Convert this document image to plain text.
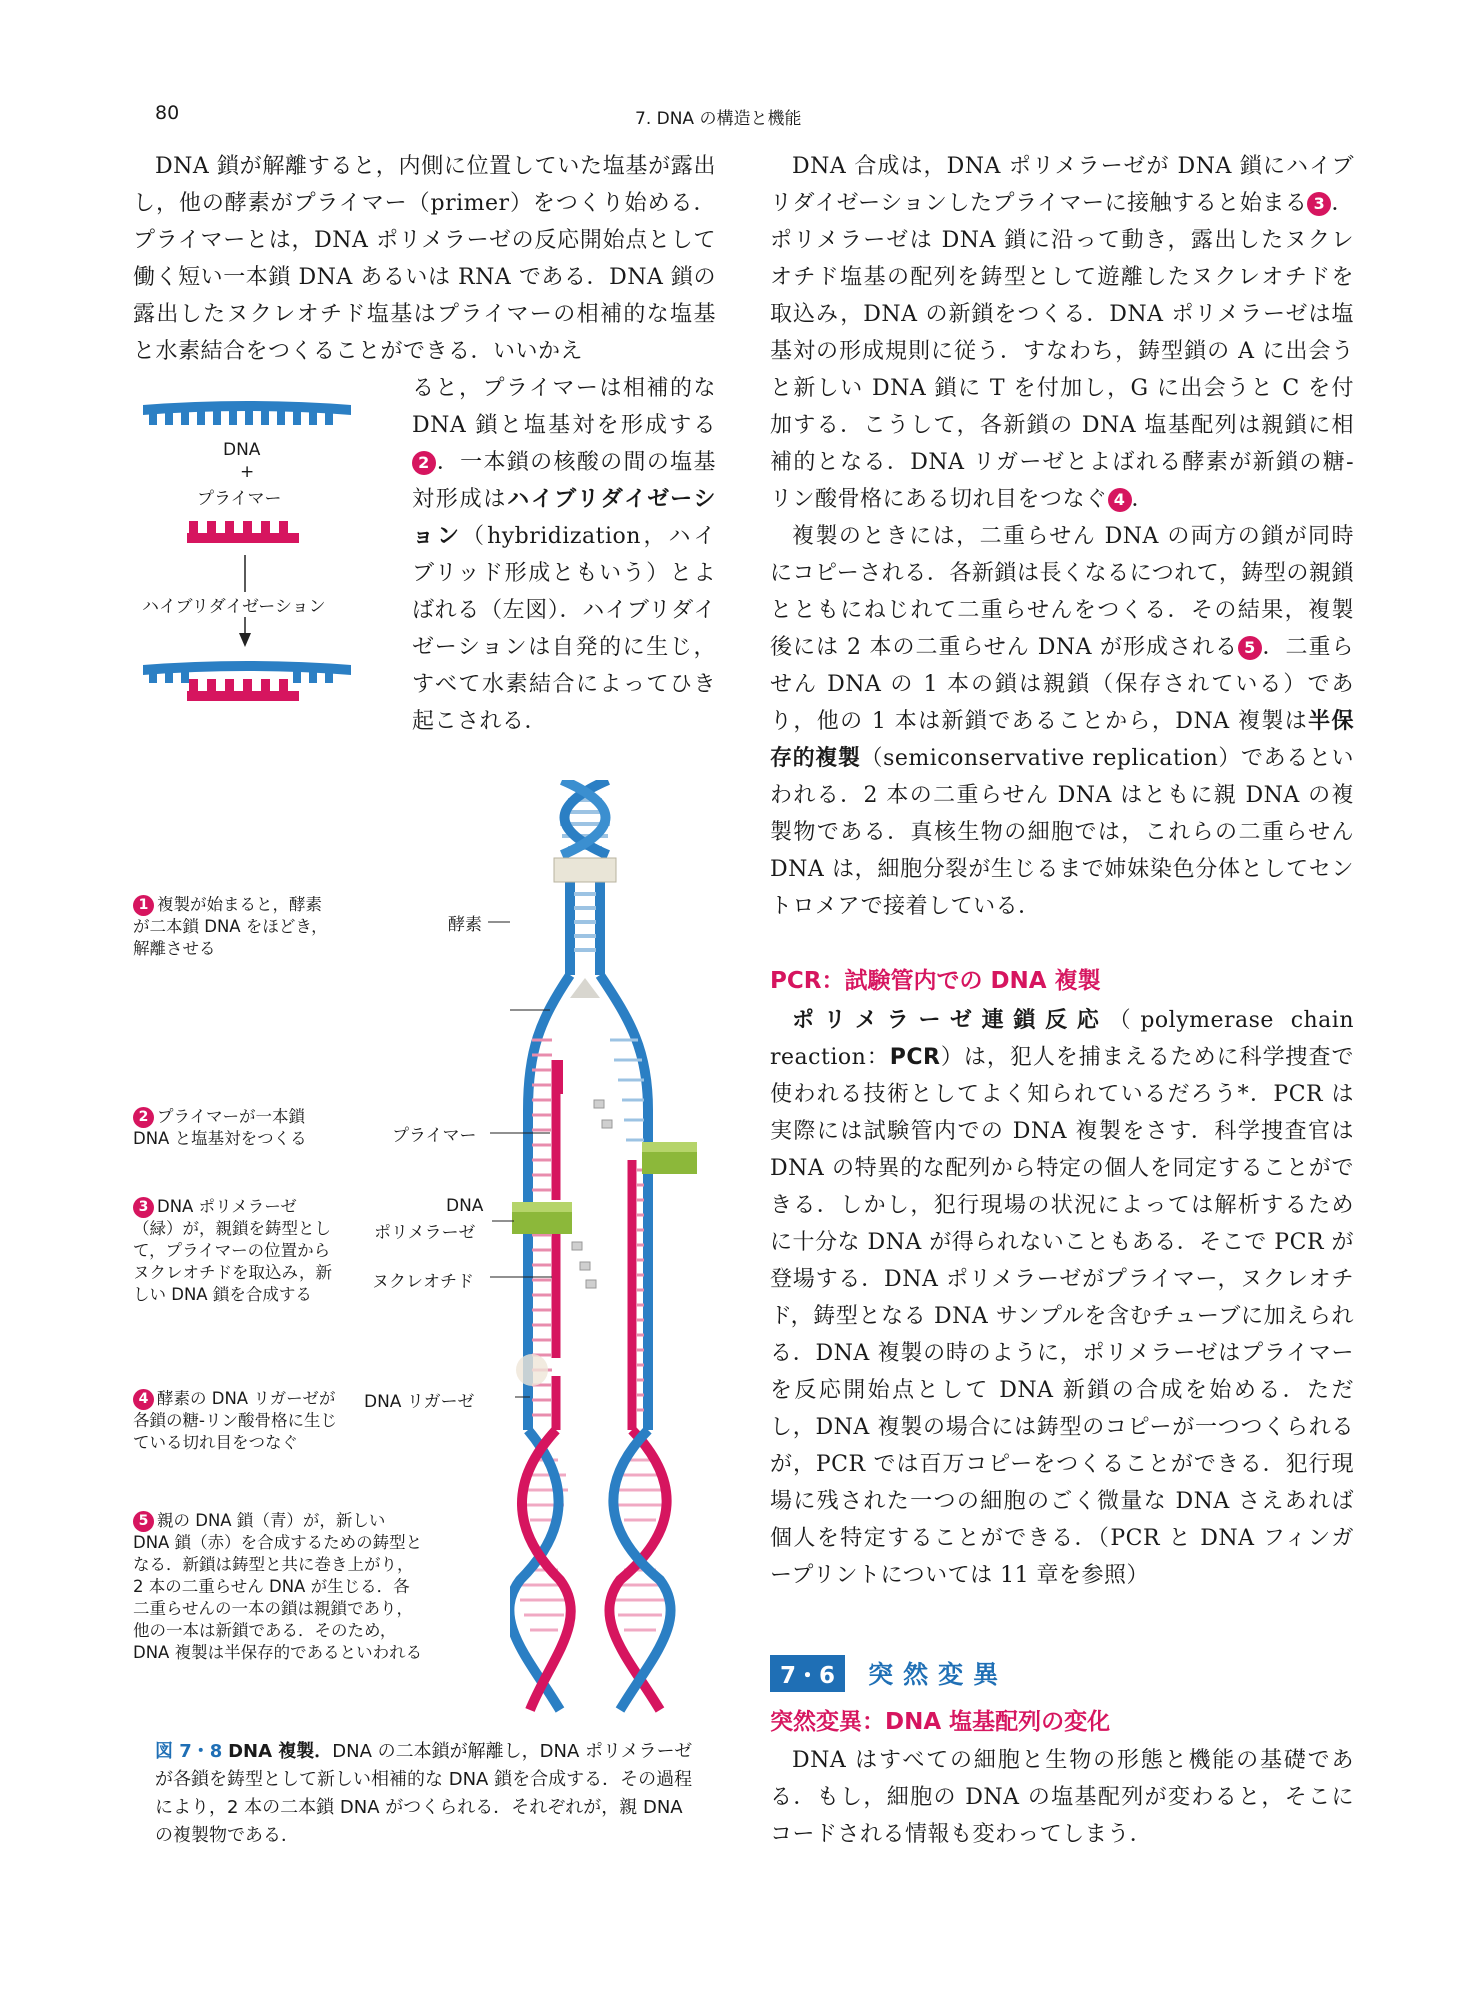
80	7. DNA の構造と機能

DNA 鎖が解離すると，内側に位置していた塩基が露出し，他の酵素がプライマー（primer）をつくり始める．プライマーとは，DNA ポリメラーゼの反応開始点として働く短い一本鎖 DNA あるいは RNA である．DNA 鎖の露出したヌクレオチド塩基はプライマーの相補的な塩基と水素結合をつくることができる．いいかえ

ると，プライマーは相補的な DNA 鎖と塩基対を形成する2 ．一本鎖の核酸の間の塩基対形成はハイブリダイゼーション（hybridization，ハイブリッド形成ともいう）とよばれる（左図）．ハイブリダイゼーションは自発的に生じ，すべて水素結合によってひき起こされる．

DNA
+
プライマー
ハイブリダイゼーション
酵素
プライマー
DNA
ポリメラーゼ
ヌクレオチド
DNA リガーゼ
1 複製が始まると，酵素が二本鎖 DNA をほどき，解離させる
2 プライマーが一本鎖 DNA と塩基対をつくる
3 DNA ポリメラーゼ（緑）が，親鎖を鋳型として，プライマーの位置からヌクレオチドを取込み，新しい DNA 鎖を合成する
4 酵素の DNA リガーゼが各鎖の糖-リン酸骨格に生じている切れ目をつなぐ
5 親の DNA 鎖（青）が，新しい DNA 鎖（赤）を合成するための鋳型となる．新鎖は鋳型と共に巻き上がり，2 本の二重らせん DNA が生じる．各二重らせんの一本の鎖は親鎖であり，他の一本は新鎖である．そのため，DNA 複製は半保存的であるといわれる
図 7・8 DNA 複製．DNA の二本鎖が解離し，DNA ポリメラーゼが各鎖を鋳型として新しい相補的な DNA 鎖を合成する．その過程により，2 本の二本鎖 DNA がつくられる．それぞれが，親 DNA の複製物である．

DNA 合成は，DNA ポリメラーゼが DNA 鎖にハイブリダイゼーションしたプライマーに接触すると始まる 3 ．ポリメラーゼは DNA 鎖に沿って動き，露出したヌクレオチド塩基の配列を鋳型として遊離したヌクレオチドを取込み，DNA の新鎖をつくる．DNA ポリメラーゼは塩基対の形成規則に従う．すなわち，鋳型鎖の A に出会うと新しい DNA 鎖に T を付加し，G に出会うと C を付加する．こうして，各新鎖の DNA 塩基配列は親鎖に相補的となる．DNA リガーゼとよばれる酵素が新鎖の糖-リン酸骨格にある切れ目をつなぐ 4 ．

複製のときには，二重らせん DNA の両方の鎖が同時にコピーされる．各新鎖は長くなるにつれて，鋳型の親鎖とともにねじれて二重らせんをつくる．その結果，複製後には 2 本の二重らせん DNA が形成される 5 ．二重らせん DNA の 1 本の鎖は親鎖（保存されている）であり，他の 1 本は新鎖であることから，DNA 複製は半保存的複製（semiconservative replication）であるといわれる．2 本の二重らせん DNA はともに親 DNA の複製物である．真核生物の細胞では，これらの二重らせん DNA は，細胞分裂が生じるまで姉妹染色分体としてセントロメアで接着している．

PCR：試験管内での DNA 複製

ポリメラーゼ連鎖反応（polymerase chain reaction：PCR）は，犯人を捕まえるために科学捜査で使われる技術としてよく知られているだろう*．PCR は実際には試験管内での DNA 複製をさす．科学捜査官は DNA の特異的な配列から特定の個人を同定することができる．しかし，犯行現場の状況によっては解析するために十分な DNA が得られないこともある．そこで PCR が登場する．DNA ポリメラーゼがプライマー，ヌクレオチド，鋳型となる DNA サンプルを含むチューブに加えられる．DNA 複製の時のように，ポリメラーゼはプライマーを反応開始点として DNA 新鎖の合成を始める．ただし，DNA 複製の場合には鋳型のコピーが一つつくられるが，PCR では百万コピーをつくることができる．犯行現場に残された一つの細胞のごく微量な DNA さえあれば個人を特定することができる．（PCR と DNA フィンガープリントについては 11 章を参照）

7・6 突然変異
突然変異：DNA 塩基配列の変化

DNA はすべての細胞と生物の形態と機能の基礎である．もし，細胞の DNA の塩基配列が変わると，そこにコードされる情報も変わってしまう．
